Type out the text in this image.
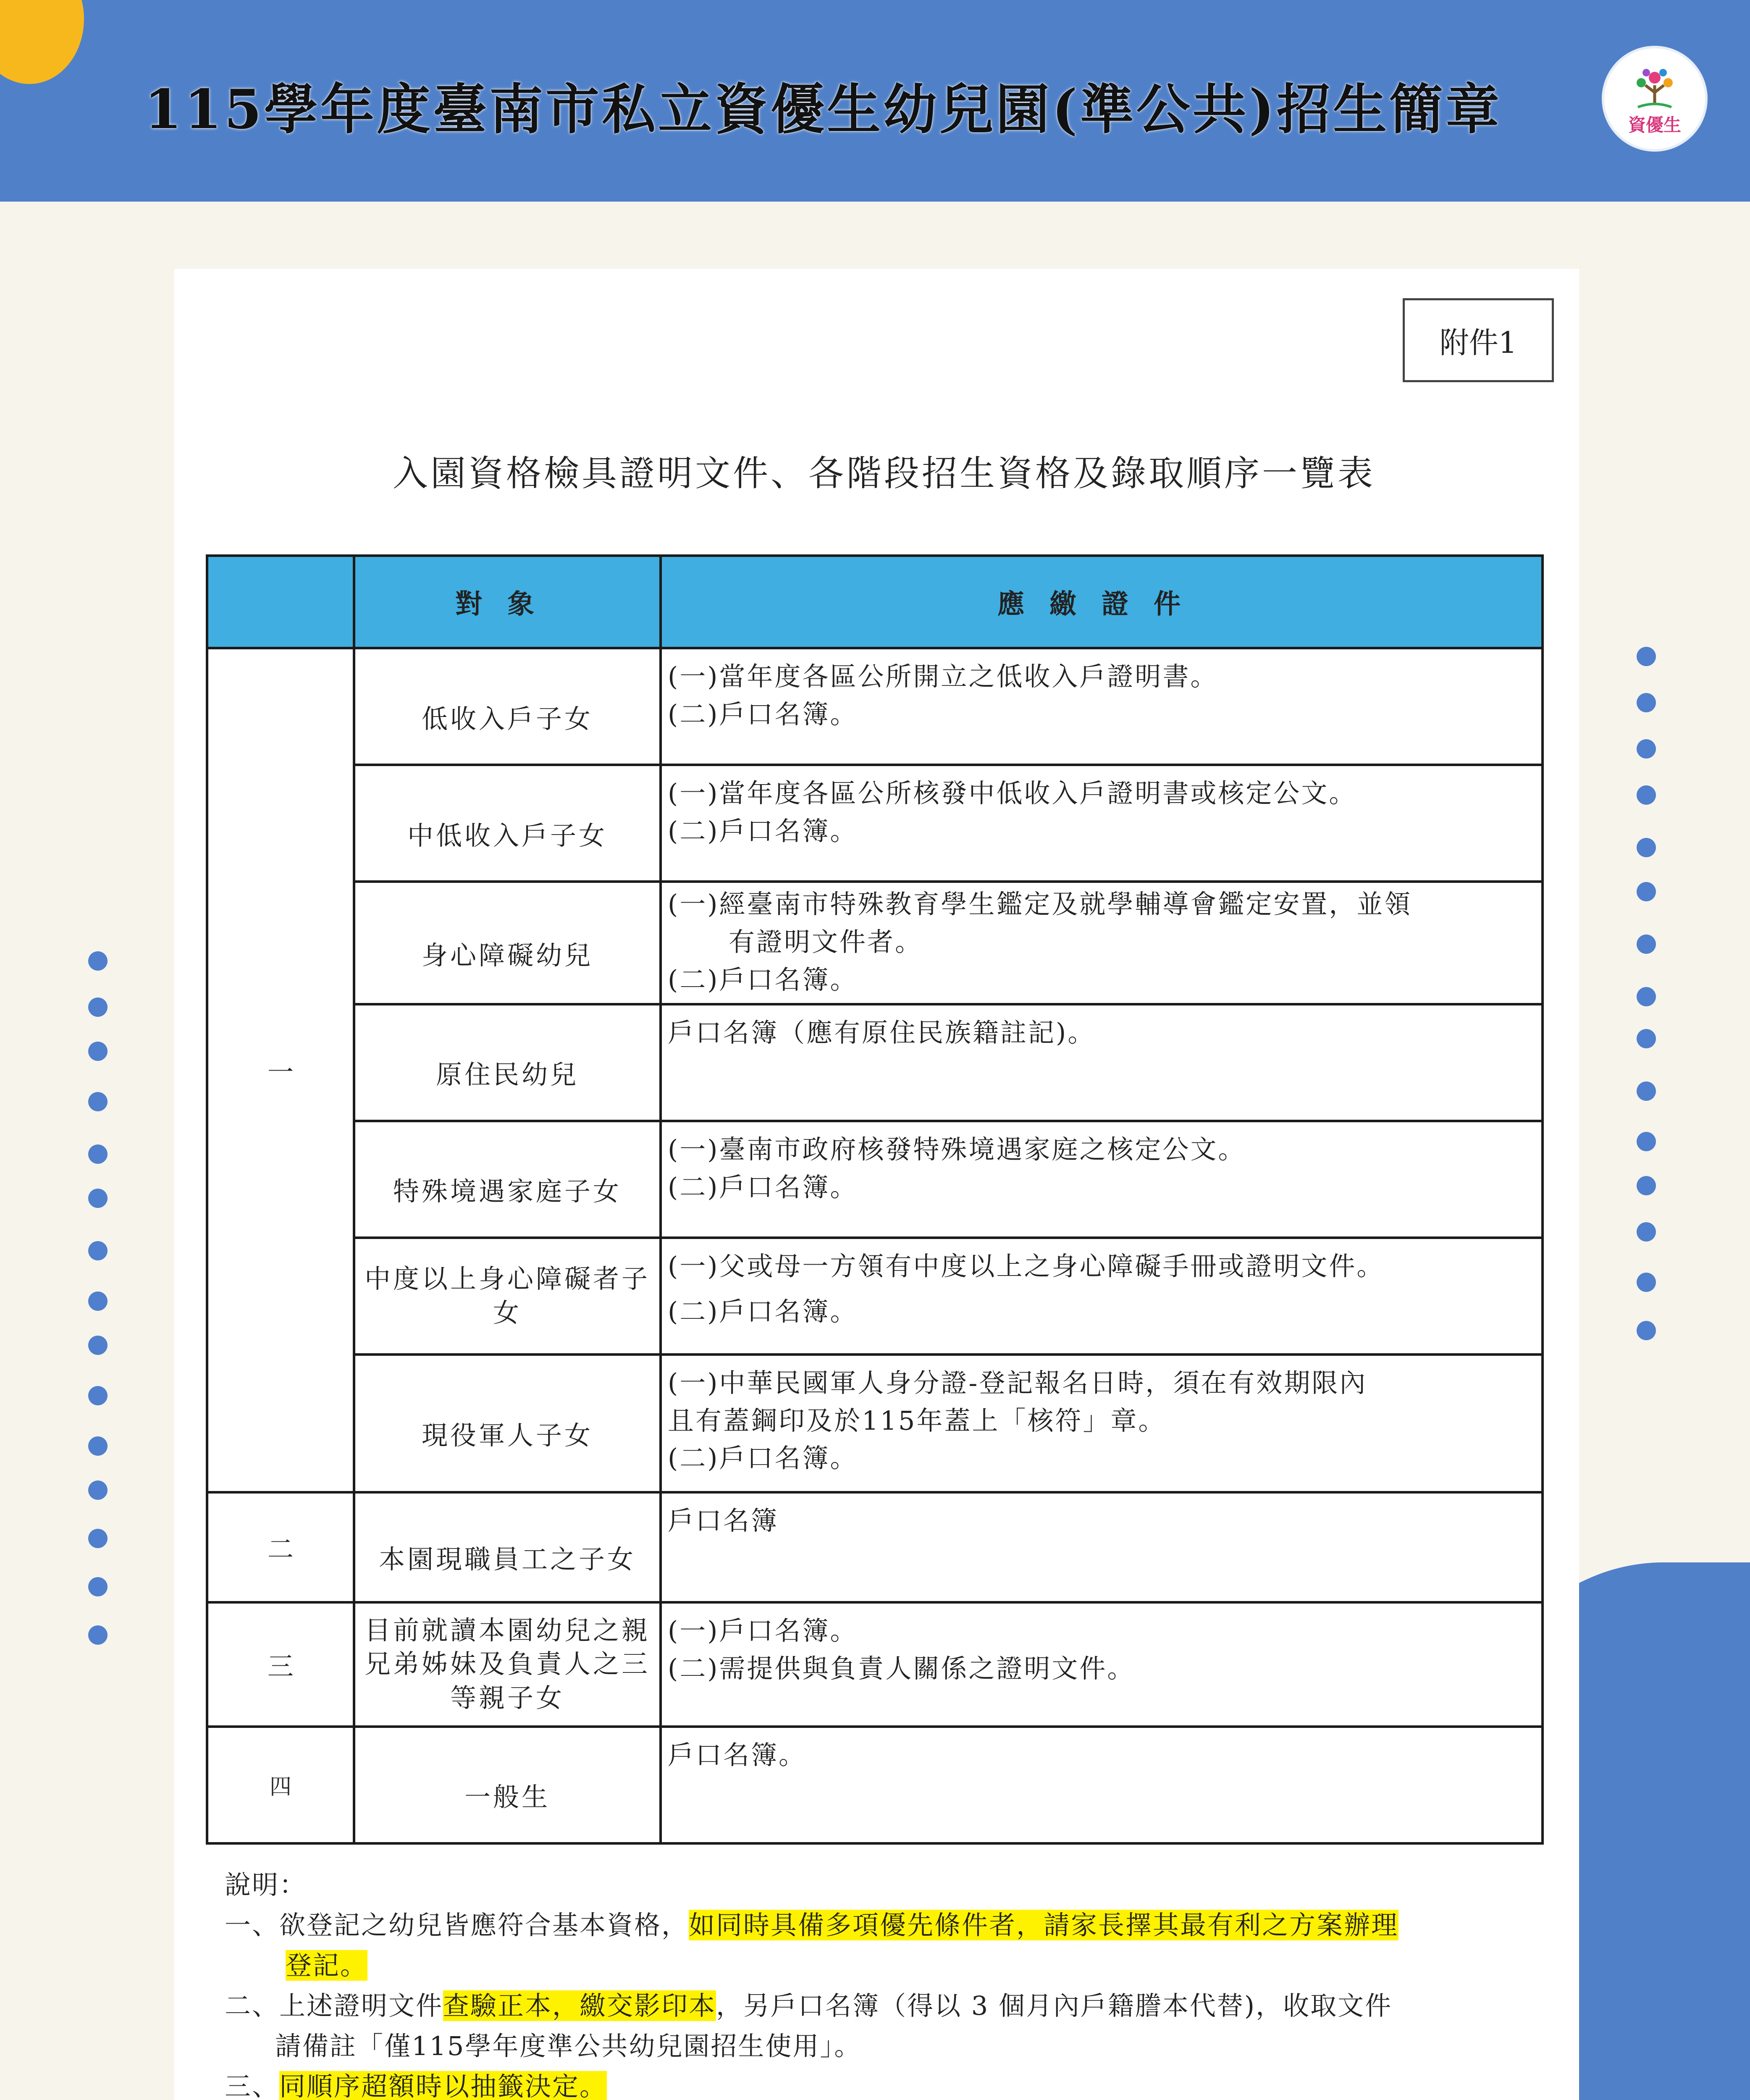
115學年度臺南市私立資優生幼兒園(準公共)招生簡章	資優生
附件1
入園資格檢具證明文件、各階段招生資格及錄取順序一覽表
	對象	應繳證件
一	低收入戶子女	(一)當年度各區公所開立之低收入戶證明書。
(二)戶口名簿。

	中低收入戶子女	(一)當年度各區公所核發中低收入戶證明書或核定公文。
(二)戶口名簿。

	身心障礙幼兒	(一)經臺南市特殊教育學生鑑定及就學輔導會鑑定安置，並領
有證明文件者。
(二)戶口名簿。

	原住民幼兒	戶口名簿（應有原住民族籍註記)。

	特殊境遇家庭子女	(一)臺南市政府核發特殊境遇家庭之核定公文。
(二)戶口名簿。

	中度以上身心障礙者子女	(一)父或母一方領有中度以上之身心障礙手冊或證明文件。
(二)戶口名簿。

	現役軍人子女	(一)中華民國軍人身分證-登記報名日時，須在有效期限內
且有蓋鋼印及於115年蓋上「核符」章。
(二)戶口名簿。

二	本園現職員工之子女	戶口名簿

三	目前就讀本園幼兒之親兄弟姊妹及負責人之三等親子女	(一)戶口名簿。
(二)需提供與負責人關係之證明文件。

四	一般生	戶口名簿。
說明：
一、欲登記之幼兒皆應符合基本資格，如同時具備多項優先條件者，請家長擇其最有利之方案辦理
登記。
二、上述證明文件查驗正本，繳交影印本，另戶口名簿（得以 3 個月內戶籍謄本代替)，收取文件
請備註「僅115學年度準公共幼兒園招生使用」。
三、同順序超額時以抽籤決定。
